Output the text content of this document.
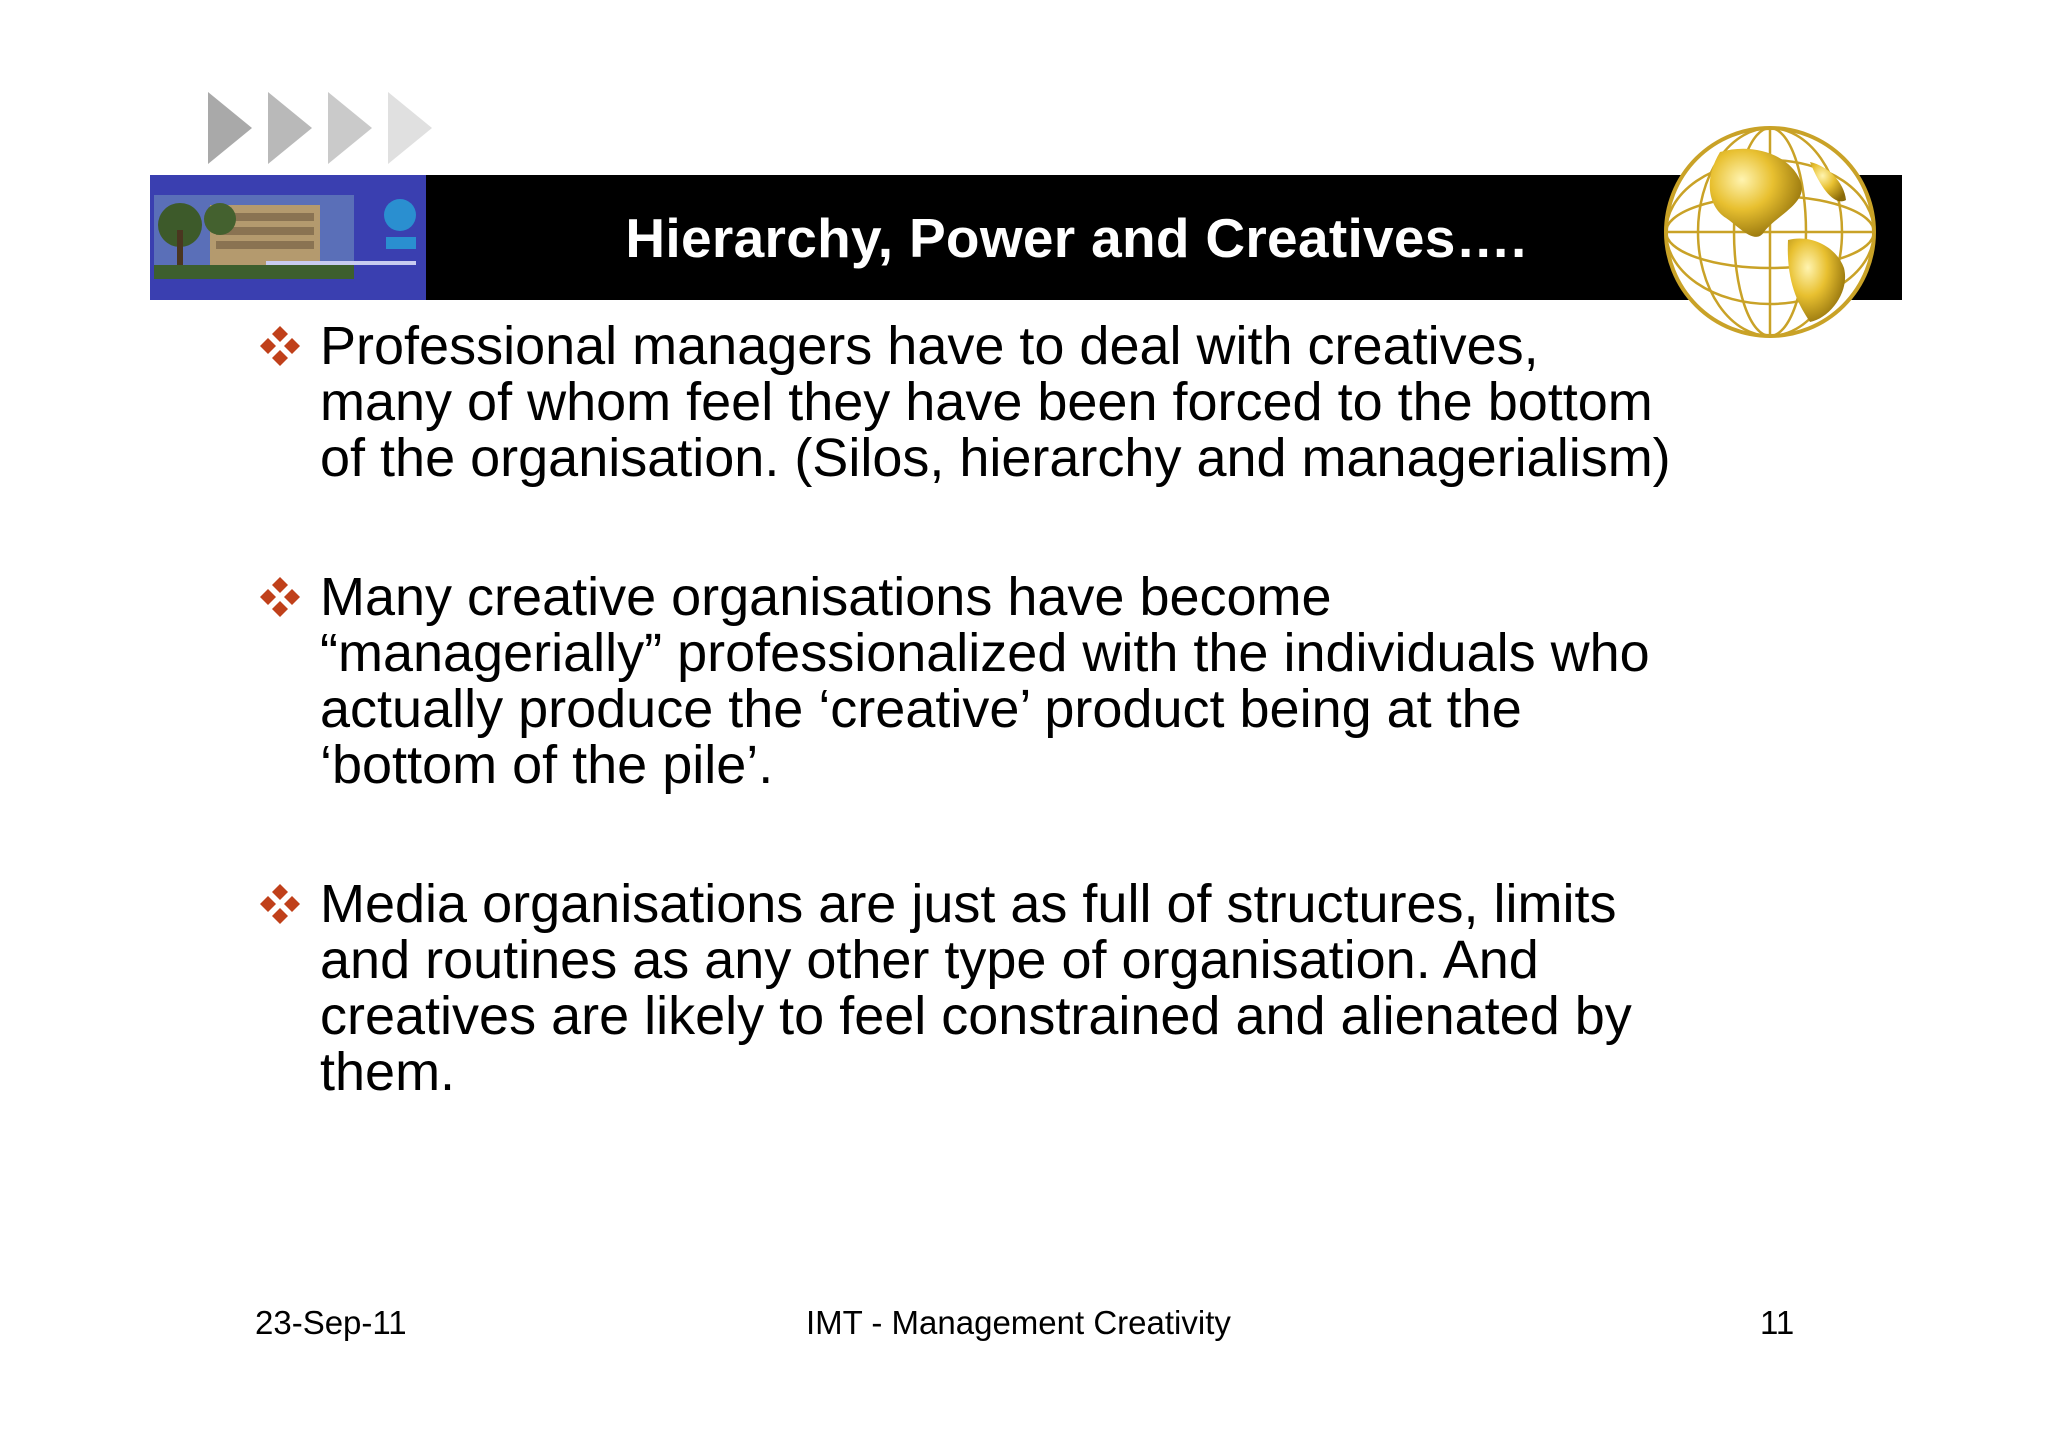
Hierarchy, Power and Creatives….
Professional managers have to deal with creatives,
many of whom feel they have been forced to the bottom
of the organisation. (Silos, hierarchy and managerialism)
Many creative organisations have become
“managerially” professionalized with the individuals who
actually produce the ‘creative’ product being at the
‘bottom of the pile’.
Media organisations are just as full of structures, limits
and routines as any other type of organisation. And
creatives are likely to feel constrained and alienated by
them.
23-Sep-11	IMT - Management Creativity	11
